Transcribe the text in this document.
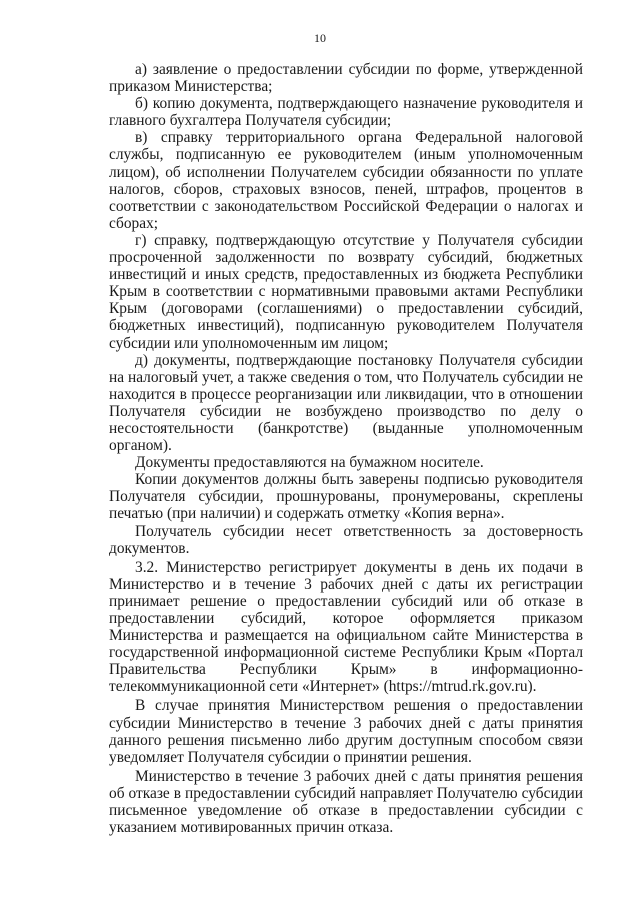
10

а) заявление о предоставлении субсидии по форме, утвержденной приказом Министерства;

б) копию документа, подтверждающего назначение руководителя и главного бухгалтера Получателя субсидии;

в) справку территориального органа Федеральной налоговой службы, подписанную ее руководителем (иным уполномоченным лицом), об исполнении Получателем субсидии обязанности по уплате налогов, сборов, страховых взносов, пеней, штрафов, процентов в соответствии с законодательством Российской Федерации о налогах и сборах;

г) справку, подтверждающую отсутствие у Получателя субсидии просроченной задолженности по возврату субсидий, бюджетных инвестиций и иных средств, предоставленных из бюджета Республики Крым в соответствии с нормативными правовыми актами Республики Крым (договорами (соглашениями) о предоставлении субсидий, бюджетных инвестиций), подписанную руководителем Получателя субсидии или уполномоченным им лицом;

д) документы, подтверждающие постановку Получателя субсидии на налоговый учет, а также сведения о том, что Получатель субсидии не находится в процессе реорганизации или ликвидации, что в отношении Получателя субсидии не возбуждено производство по делу о несостоятельности (банкротстве) (выданные уполномоченным органом).

Документы предоставляются на бумажном носителе.

Копии документов должны быть заверены подписью руководителя Получателя субсидии, прошнурованы, пронумерованы, скреплены печатью (при наличии) и содержать отметку «Копия верна».

Получатель субсидии несет ответственность за достоверность документов.

3.2. Министерство регистрирует документы в день их подачи в Министерство и в течение 3 рабочих дней с даты их регистрации принимает решение о предоставлении субсидий или об отказе в предоставлении субсидий, которое оформляется приказом Министерства и размещается на официальном сайте Министерства в государственной информационной системе Республики Крым «Портал Правительства Республики Крым» в информационно-телекоммуникационной сети «Интернет» (https://mtrud.rk.gov.ru).

В случае принятия Министерством решения о предоставлении субсидии Министерство в течение 3 рабочих дней с даты принятия данного решения письменно либо другим доступным способом связи уведомляет Получателя субсидии о принятии решения.

Министерство в течение 3 рабочих дней с даты принятия решения об отказе в предоставлении субсидий направляет Получателю субсидии письменное уведомление об отказе в предоставлении субсидии с указанием мотивированных причин отказа.
